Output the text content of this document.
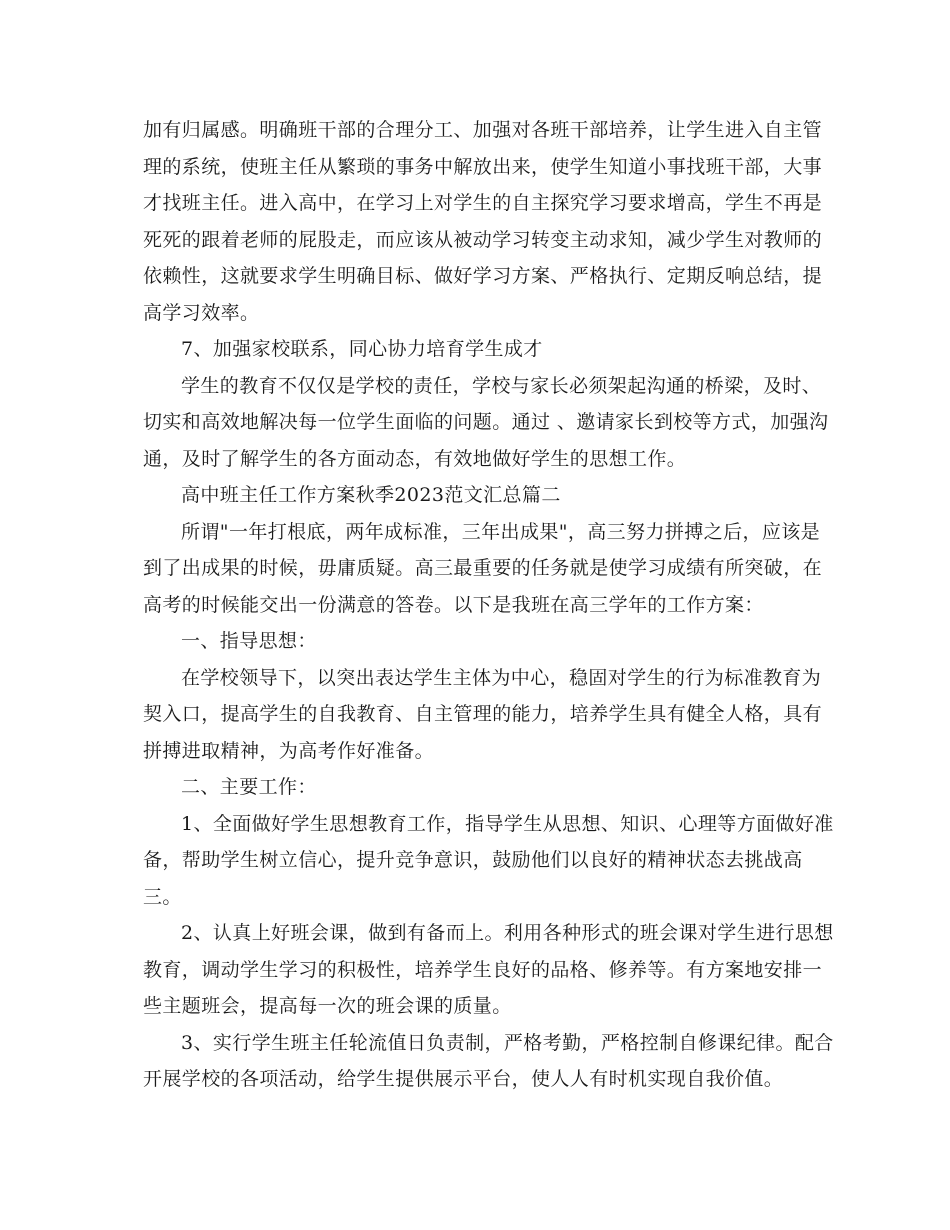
加有归属感。明确班干部的合理分工、加强对各班干部培养，让学生进入自主管
理的系统，使班主任从繁琐的事务中解放出来，使学生知道小事找班干部，大事
才找班主任。进入高中，在学习上对学生的自主探究学习要求增高，学生不再是
死死的跟着老师的屁股走，而应该从被动学习转变主动求知，减少学生对教师的
依赖性，这就要求学生明确目标、做好学习方案、严格执行、定期反响总结，提
高学习效率。
7、加强家校联系，同心协力培育学生成才
学生的教育不仅仅是学校的责任，学校与家长必须架起沟通的桥梁，及时、
切实和高效地解决每一位学生面临的问题。通过 、邀请家长到校等方式，加强沟
通，及时了解学生的各方面动态，有效地做好学生的思想工作。
高中班主任工作方案秋季2023范文汇总篇二
所谓"一年打根底，两年成标准，三年出成果"，高三努力拼搏之后，应该是
到了出成果的时候，毋庸质疑。高三最重要的任务就是使学习成绩有所突破，在
高考的时候能交出一份满意的答卷。以下是我班在高三学年的工作方案：
一、指导思想：
在学校领导下，以突出表达学生主体为中心，稳固对学生的行为标准教育为
契入口，提高学生的自我教育、自主管理的能力，培养学生具有健全人格，具有
拼搏进取精神，为高考作好准备。
二、主要工作：
1、全面做好学生思想教育工作，指导学生从思想、知识、心理等方面做好准
备，帮助学生树立信心，提升竞争意识，鼓励他们以良好的精神状态去挑战高
三。
2、认真上好班会课，做到有备而上。利用各种形式的班会课对学生进行思想
教育，调动学生学习的积极性，培养学生良好的品格、修养等。有方案地安排一
些主题班会，提高每一次的班会课的质量。
3、实行学生班主任轮流值日负责制，严格考勤，严格控制自修课纪律。配合
开展学校的各项活动，给学生提供展示平台，使人人有时机实现自我价值。
